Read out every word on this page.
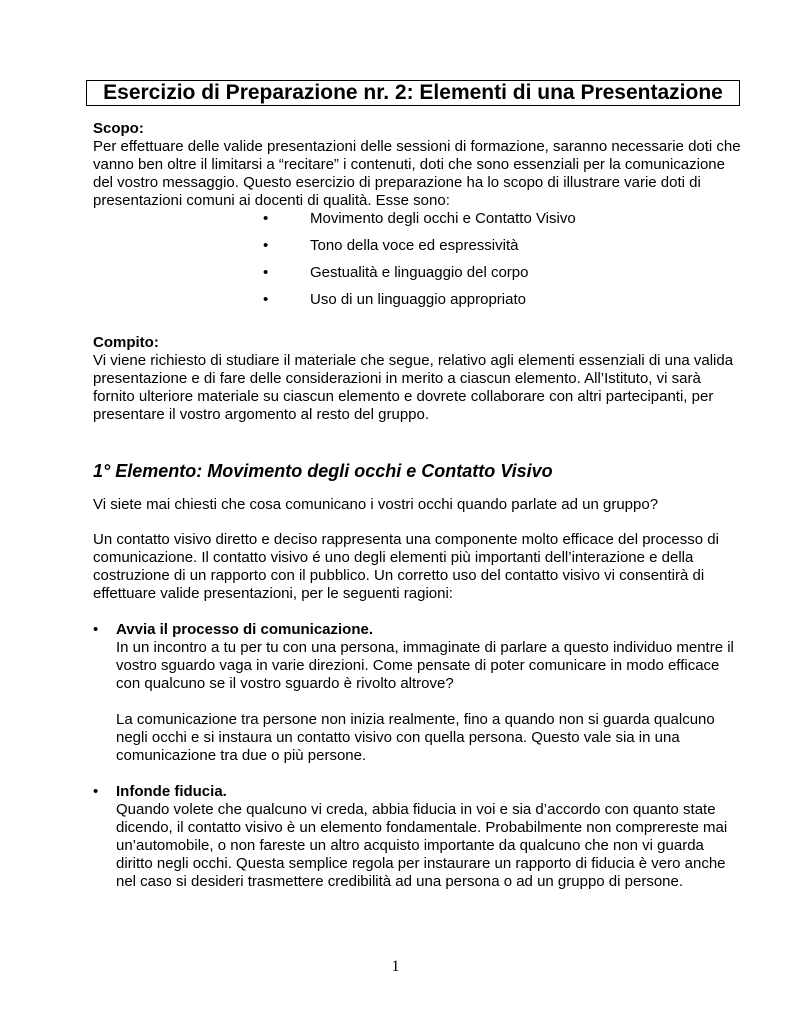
Esercizio di Preparazione nr. 2: Elementi di una Presentazione

Scopo:

Per effettuare delle valide presentazioni delle sessioni di formazione, saranno necessarie doti che vanno ben oltre il limitarsi a “recitare” i contenuti, doti che sono essenziali per la comunicazione del vostro messaggio. Questo esercizio di preparazione ha lo scopo di illustrare varie doti di presentazioni comuni ai docenti di qualità. Esse sono:

•	Movimento degli occhi e Contatto Visivo
•	Tono della voce ed espressività
•	Gestualità e linguaggio del corpo
•	Uso di un linguaggio appropriato

Compito:

Vi viene richiesto di studiare il materiale che segue, relativo agli elementi essenziali di una valida presentazione e di fare delle considerazioni in merito a ciascun elemento. All’Istituto, vi sarà fornito ulteriore materiale su ciascun elemento e dovrete collaborare con altri partecipanti, per presentare il vostro argomento al resto del gruppo.

1° Elemento: Movimento degli occhi e Contatto Visivo

Vi siete mai chiesti che cosa comunicano i vostri occhi quando parlate ad un gruppo?

Un contatto visivo diretto e deciso rappresenta una componente molto efficace del processo di comunicazione. Il contatto visivo é uno degli elementi più importanti dell’interazione e della costruzione di un rapporto con il pubblico. Un corretto uso del contatto visivo vi consentirà di effettuare valide presentazioni, per le seguenti ragioni:

• Avvia il processo di comunicazione.

In un incontro a tu per tu con una persona, immaginate di parlare a questo individuo mentre il vostro sguardo vaga in varie direzioni. Come pensate di poter comunicare in modo efficace con qualcuno se il vostro sguardo è rivolto altrove?

La comunicazione tra persone non inizia realmente, fino a quando non si guarda qualcuno negli occhi e si instaura un contatto visivo con quella persona. Questo vale sia in una comunicazione tra due o più persone.

• Infonde fiducia.

Quando volete che qualcuno vi creda, abbia fiducia in voi e sia d’accordo con quanto state dicendo, il contatto visivo è un elemento fondamentale. Probabilmente non comprereste mai un’automobile, o non fareste un altro acquisto importante da qualcuno che non vi guarda diritto negli occhi. Questa semplice regola per instaurare un rapporto di fiducia è vero anche nel caso si desideri trasmettere credibilità ad una persona o ad un gruppo di persone.

1
